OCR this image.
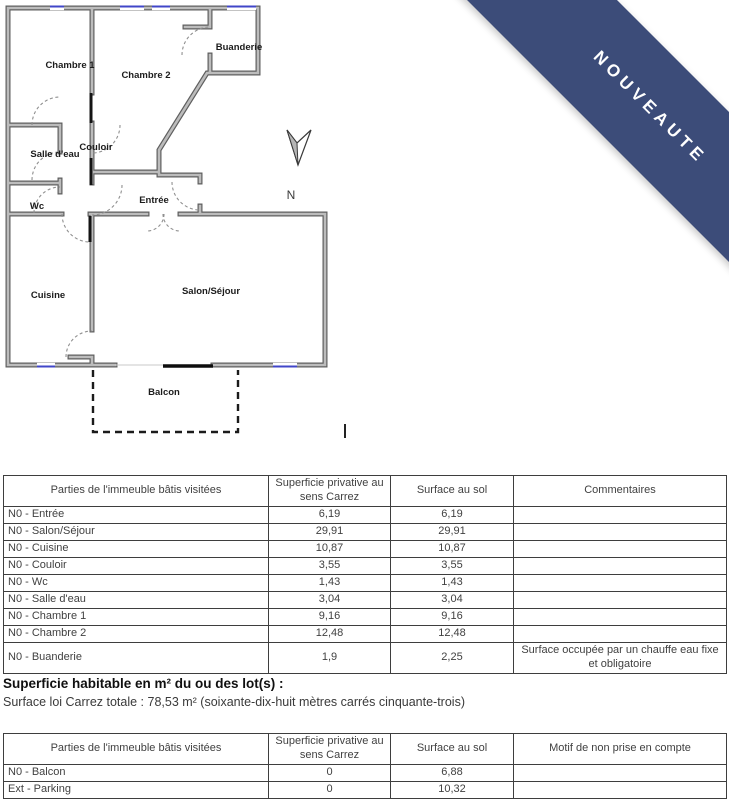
N
Chambre 1
Chambre 2
Buanderie
Salle d'eau
Couloir
Wc
Entrée
Cuisine	Salon/Séjour
Balcon
NOUVEAUTE
Parties de l'immeuble bâtis visitées	Superficie privative au sens Carrez	Surface au sol	Commentaires
N0 - Entrée	6,19	6,19	
N0 - Salon/Séjour	29,91	29,91	
N0 - Cuisine	10,87	10,87	
N0 - Couloir	3,55	3,55	
N0 - Wc	1,43	1,43	
N0 - Salle d'eau	3,04	3,04	
N0 - Chambre 1	9,16	9,16	
N0 - Chambre 2	12,48	12,48	
N0 - Buanderie	1,9	2,25	Surface occupée par un chauffe eau fixe et obligatoire
Superficie habitable en m² du ou des lot(s) :
Surface loi Carrez totale : 78,53 m² (soixante-dix-huit mètres carrés cinquante-trois)
Parties de l'immeuble bâtis visitées	Superficie privative au sens Carrez	Surface au sol	Motif de non prise en compte
N0 - Balcon	0	6,88	
Ext - Parking	0	10,32	
